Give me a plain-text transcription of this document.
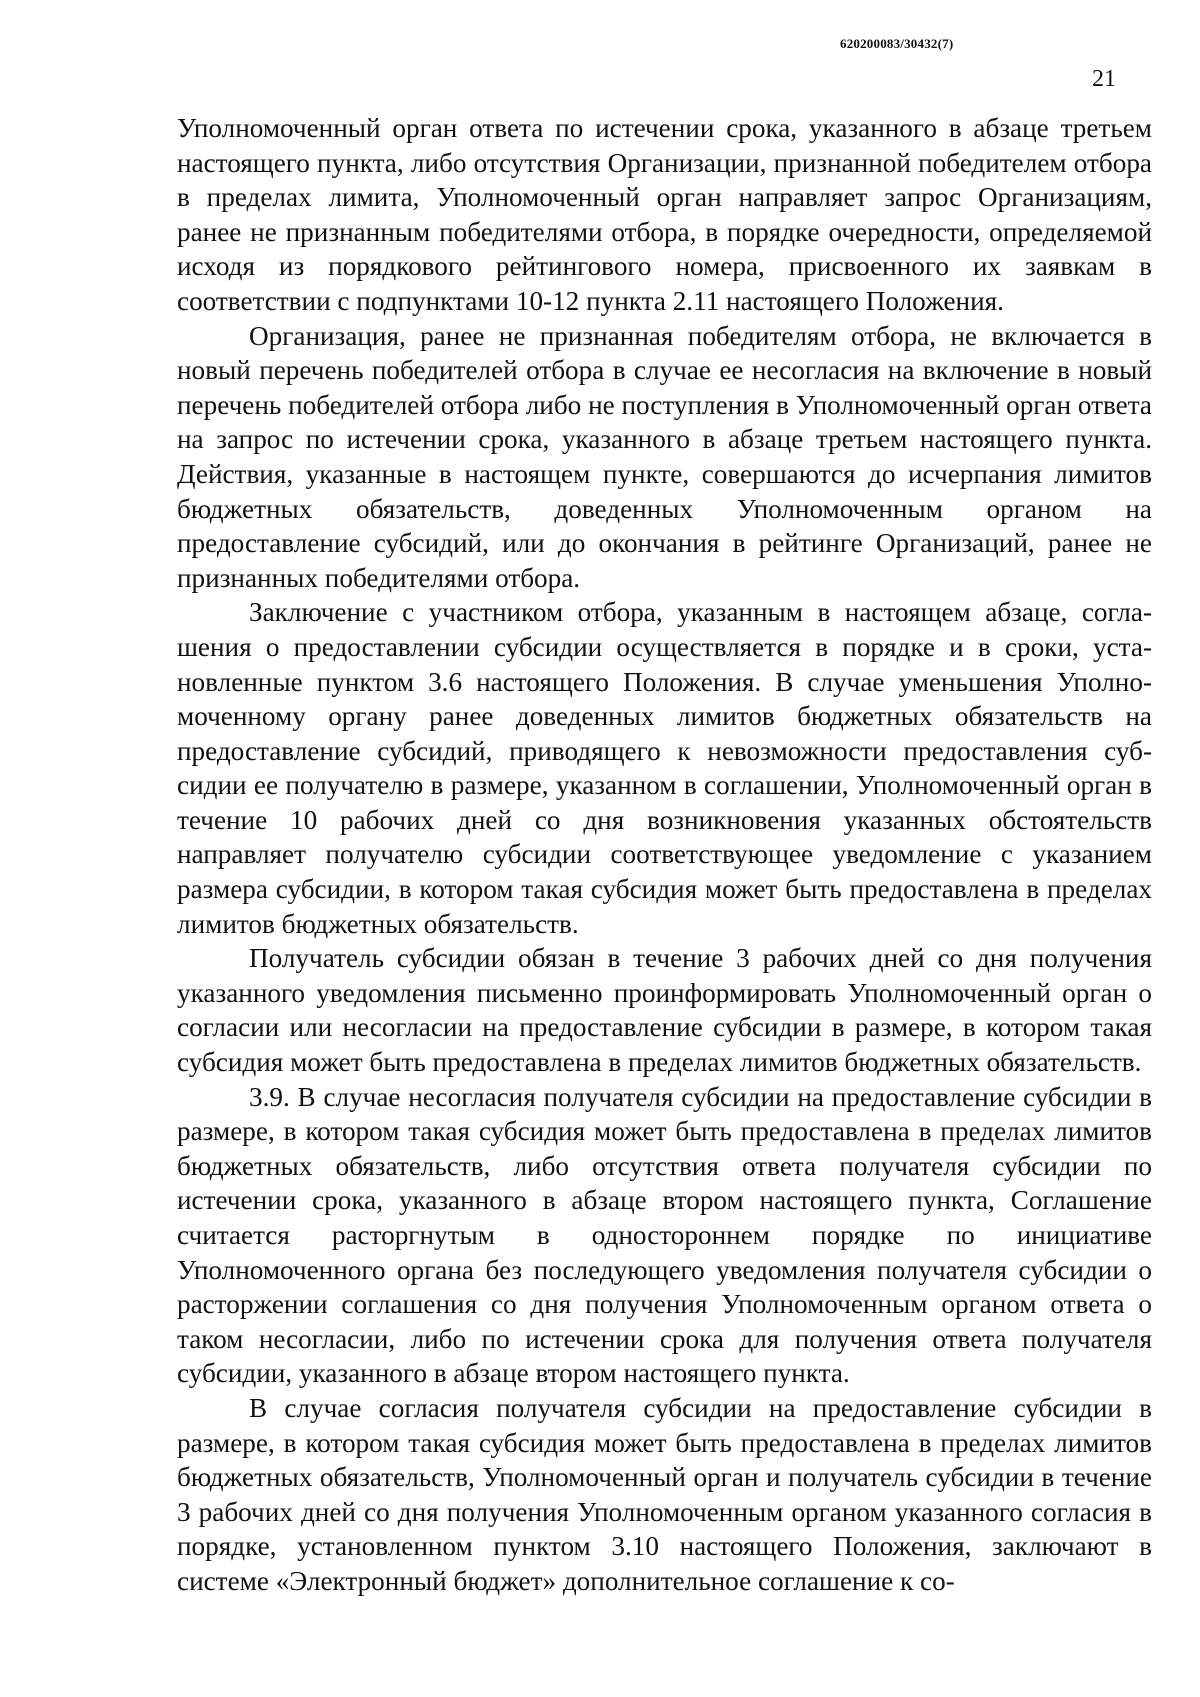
620200083/30432(7)
21

Уполномоченный орган ответа по истечении срока, указанного в абзаце третьем настоящего пункта, либо отсутствия Организации, признанной победителем отбора в пределах лимита, Уполномоченный орган направляет запрос Организациям, ранее не признанным победителями отбора, в порядке очередности, определяемой исходя из порядкового рейтингового номера, присвоенного их заявкам в соответствии с подпунктами 10-12 пункта 2.11 настоящего Положения.

Организация, ранее не признанная победителям отбора, не включается в новый перечень победителей отбора в случае ее несогласия на включение в новый перечень победителей отбора либо не поступления в Уполномоченный орган ответа на запрос по истечении срока, указанного в абзаце третьем настоящего пункта. Действия, указанные в настоящем пункте, совершаются до исчерпания лимитов бюджетных обязательств, доведенных Уполномоченным органом на предоставление субсидий, или до окончания в рейтинге Организаций, ранее не признанных победителями отбора.

Заключение с участником отбора, указанным в настоящем абзаце, соглашения о предоставлении субсидии осуществляется в порядке и в сроки, установленные пунктом 3.6 настоящего Положения. В случае уменьшения Уполномоченному органу ранее доведенных лимитов бюджетных обязательств на предоставление субсидий, приводящего к невозможности предоставления субсидии ее получателю в размере, указанном в соглашении, Уполномоченный орган в течение 10 рабочих дней со дня возникновения указанных обстоятельств направляет получателю субсидии соответствующее уведомление с указанием размера субсидии, в котором такая субсидия может быть предоставлена в пределах лимитов бюджетных обязательств.

Получатель субсидии обязан в течение 3 рабочих дней со дня получения указанного уведомления письменно проинформировать Уполномоченный орган о согласии или несогласии на предоставление субсидии в размере, в котором такая субсидия может быть предоставлена в пределах лимитов бюджетных обязательств.

3.9. В случае несогласия получателя субсидии на предоставление субсидии в размере, в котором такая субсидия может быть предоставлена в пределах лимитов бюджетных обязательств, либо отсутствия ответа получателя субсидии по истечении срока, указанного в абзаце втором настоящего пункта, Соглашение считается расторгнутым в одностороннем порядке по инициативе Уполномоченного органа без последующего уведомления получателя субсидии о расторжении соглашения со дня получения Уполномоченным органом ответа о таком несогласии, либо по истечении срока для получения ответа получателя субсидии, указанного в абзаце втором настоящего пункта.

В случае согласия получателя субсидии на предоставление субсидии в размере, в котором такая субсидия может быть предоставлена в пределах лимитов бюджетных обязательств, Уполномоченный орган и получатель субсидии в течение 3 рабочих дней со дня получения Уполномоченным органом указанного согласия в порядке, установленном пунктом 3.10 настоящего Положения, заключают в системе «Электронный бюджет» дополнительное соглашение к со-
